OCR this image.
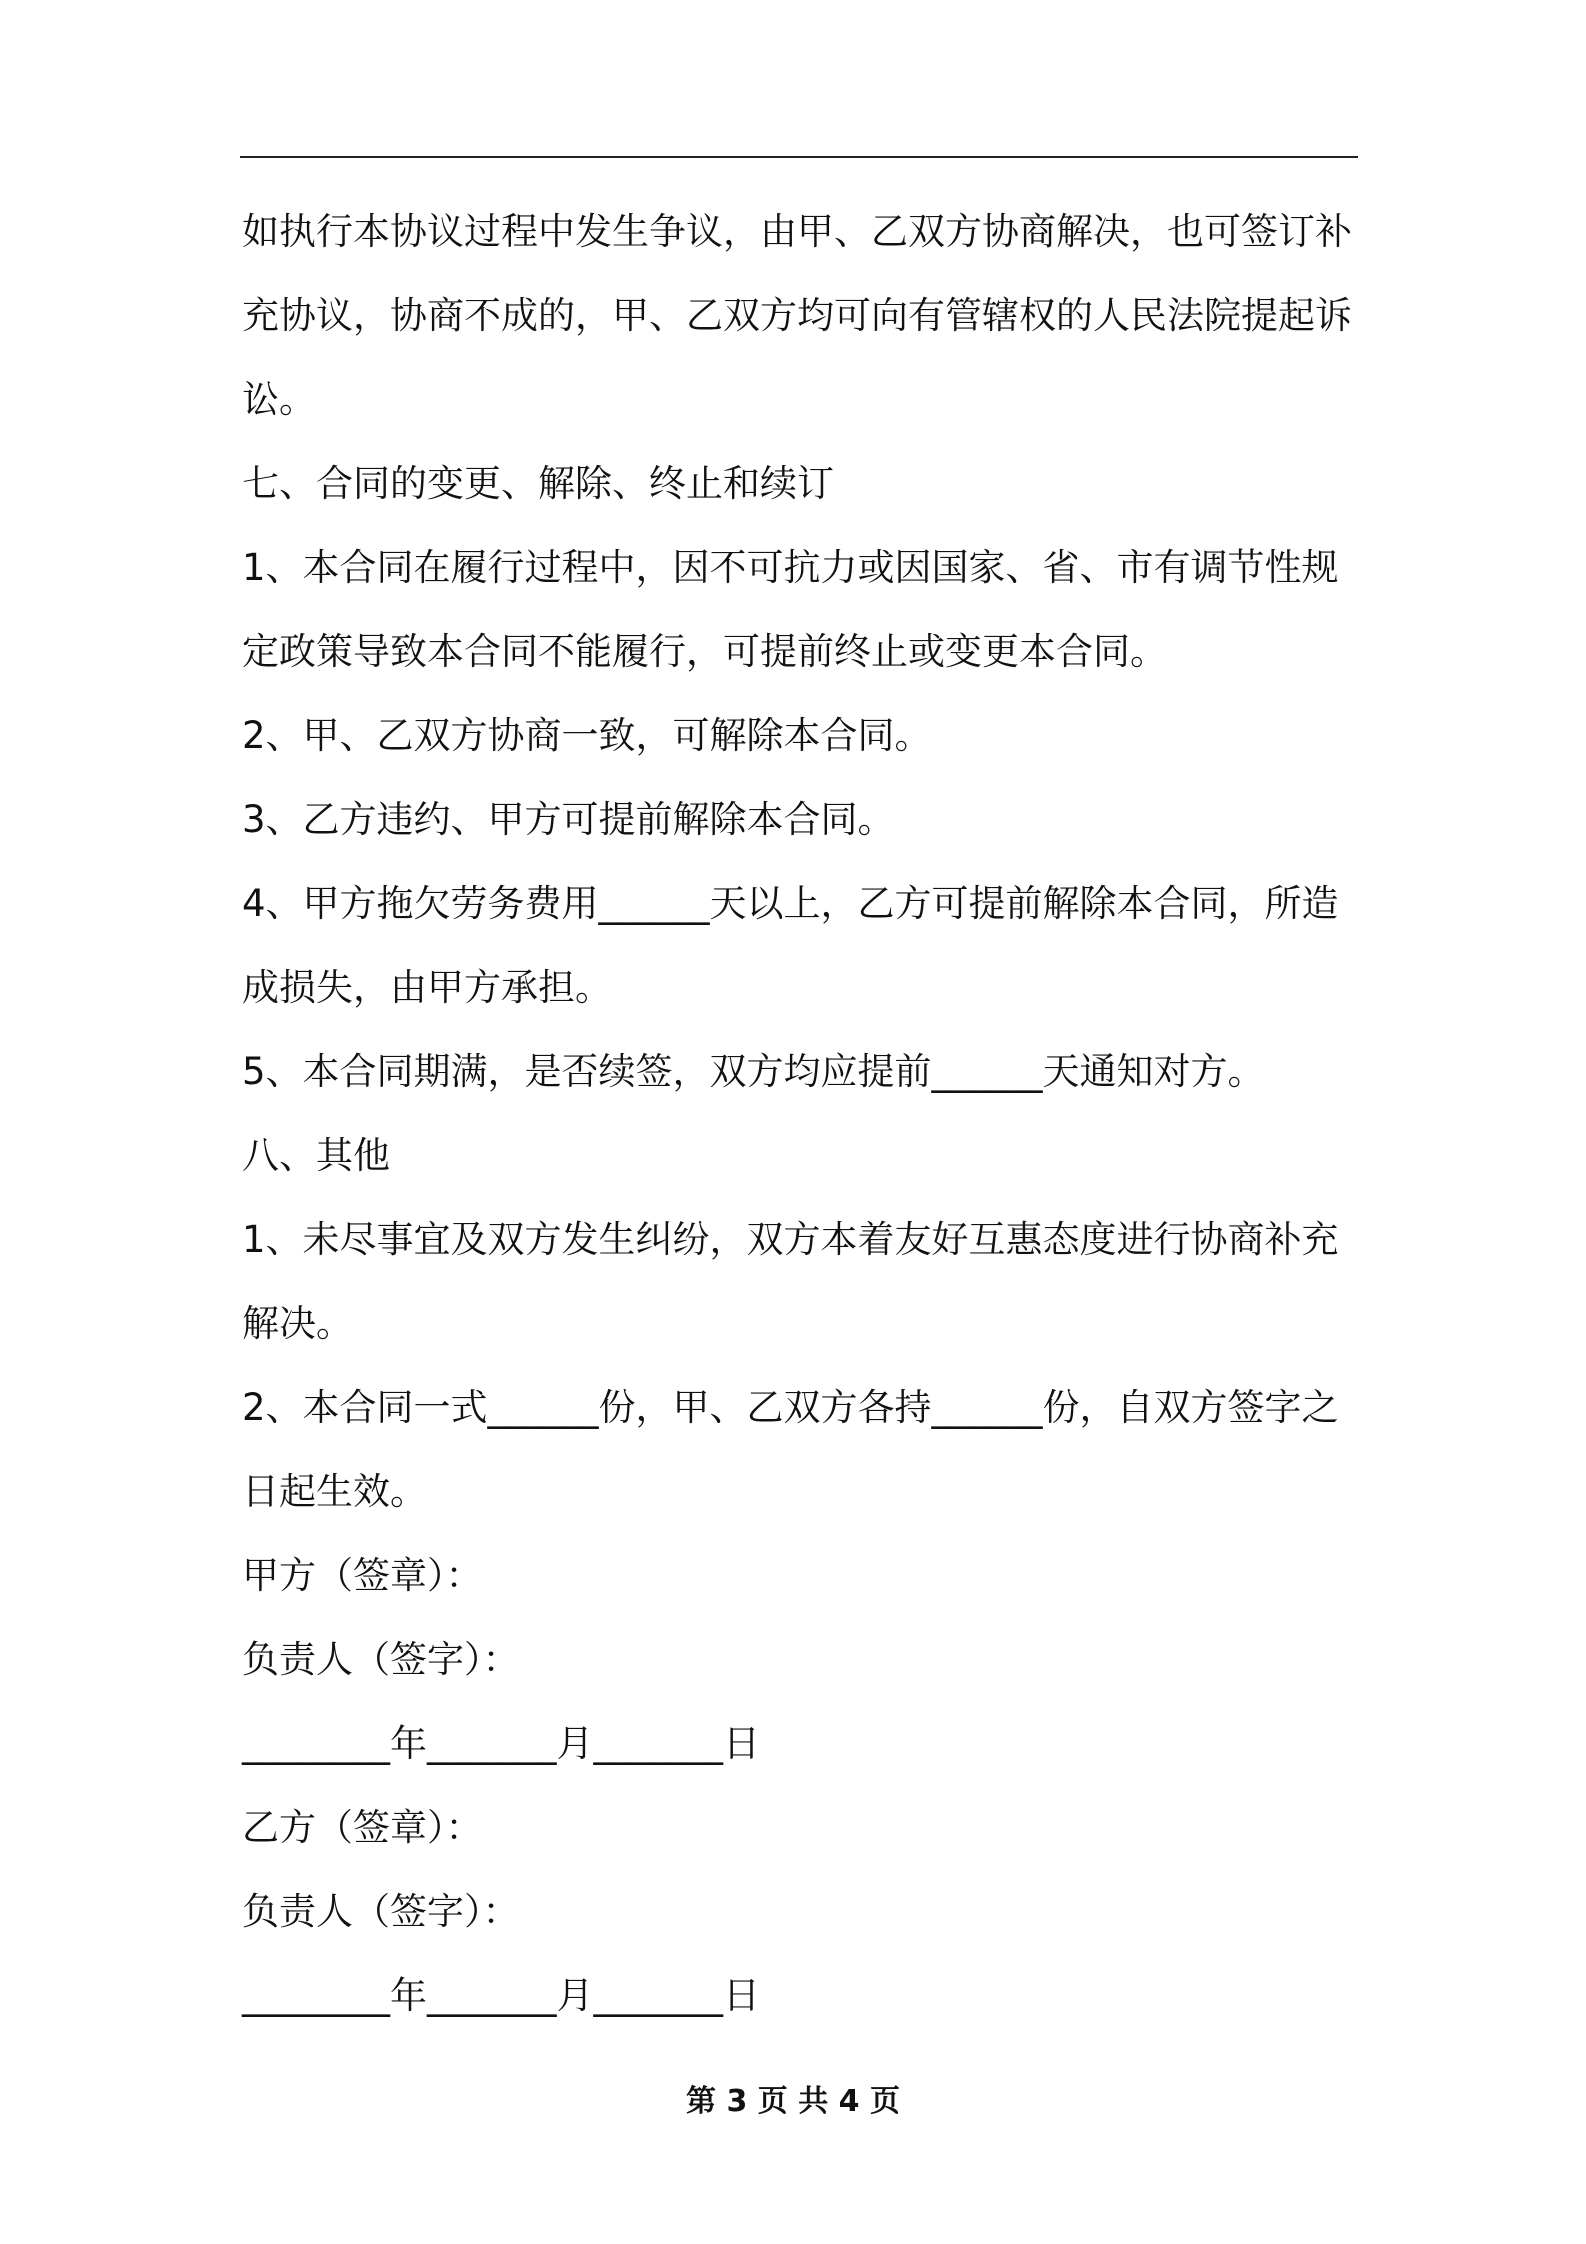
如执行本协议过程中发生争议，由甲、乙双方协商解决，也可签订补充协议，协商不成的，甲、乙双方均可向有管辖权的人民法院提起诉讼。

七、合同的变更、解除、终止和续订

1、本合同在履行过程中，因不可抗力或因国家、省、市有调节性规定政策导致本合同不能履行，可提前终止或变更本合同。

2、甲、乙双方协商一致，可解除本合同。

3、乙方违约、甲方可提前解除本合同。

4、甲方拖欠劳务费用______天以上，乙方可提前解除本合同，所造成损失，由甲方承担。

5、本合同期满，是否续签，双方均应提前______天通知对方。

八、其他

1、未尽事宜及双方发生纠纷，双方本着友好互惠态度进行协商补充解决。

2、本合同一式______份，甲、乙双方各持______份，自双方签字之日起生效。

甲方（签章）：

负责人（签字）：

________年_______月_______日

乙方（签章）：

负责人（签字）：

________年_______月_______日

第 3 页 共 4 页
